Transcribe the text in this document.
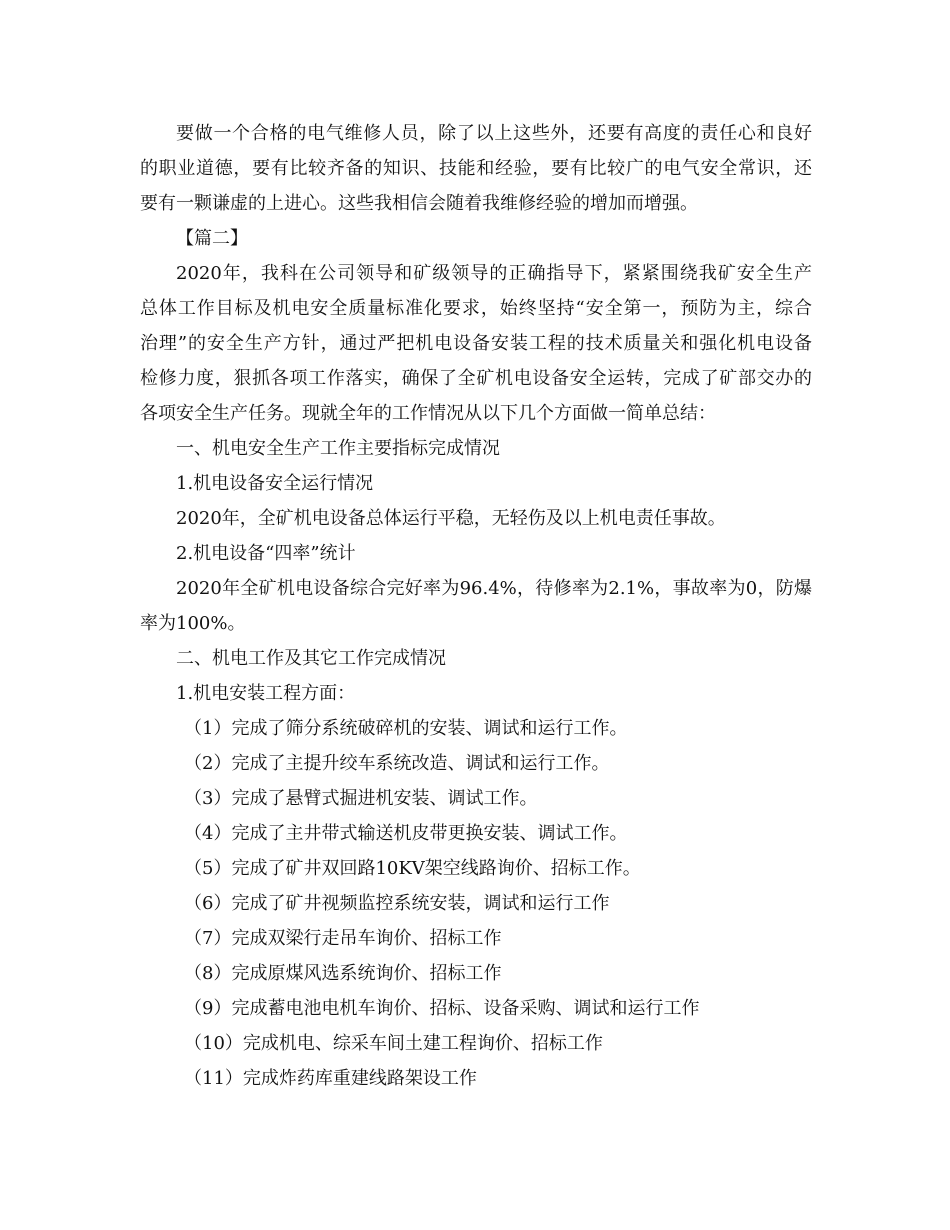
要做一个合格的电气维修人员，除了以上这些外，还要有高度的责任心和良好
的职业道德，要有比较齐备的知识、技能和经验，要有比较广的电气安全常识，还
要有一颗谦虚的上进心。这些我相信会随着我维修经验的增加而增强。
【篇二】
2020年，我科在公司领导和矿级领导的正确指导下，紧紧围绕我矿安全生产
总体工作目标及机电安全质量标准化要求，始终坚持“安全第一，预防为主，综合
治理”的安全生产方针，通过严把机电设备安装工程的技术质量关和强化机电设备
检修力度，狠抓各项工作落实，确保了全矿机电设备安全运转，完成了矿部交办的
各项安全生产任务。现就全年的工作情况从以下几个方面做一简单总结：
一、机电安全生产工作主要指标完成情况
1.机电设备安全运行情况
2020年，全矿机电设备总体运行平稳，无轻伤及以上机电责任事故。
2.机电设备“四率”统计
2020年全矿机电设备综合完好率为96.4%，待修率为2.1%，事故率为0，防爆
率为100%。
二、机电工作及其它工作完成情况
1.机电安装工程方面：
（1）完成了筛分系统破碎机的安装、调试和运行工作。
（2）完成了主提升绞车系统改造、调试和运行工作。
（3）完成了悬臂式掘进机安装、调试工作。
（4）完成了主井带式输送机皮带更换安装、调试工作。
（5）完成了矿井双回路10KV架空线路询价、招标工作。
（6）完成了矿井视频监控系统安装，调试和运行工作
（7）完成双梁行走吊车询价、招标工作
（8）完成原煤风选系统询价、招标工作
（9）完成蓄电池电机车询价、招标、设备采购、调试和运行工作
（10）完成机电、综采车间土建工程询价、招标工作
（11）完成炸药库重建线路架设工作
